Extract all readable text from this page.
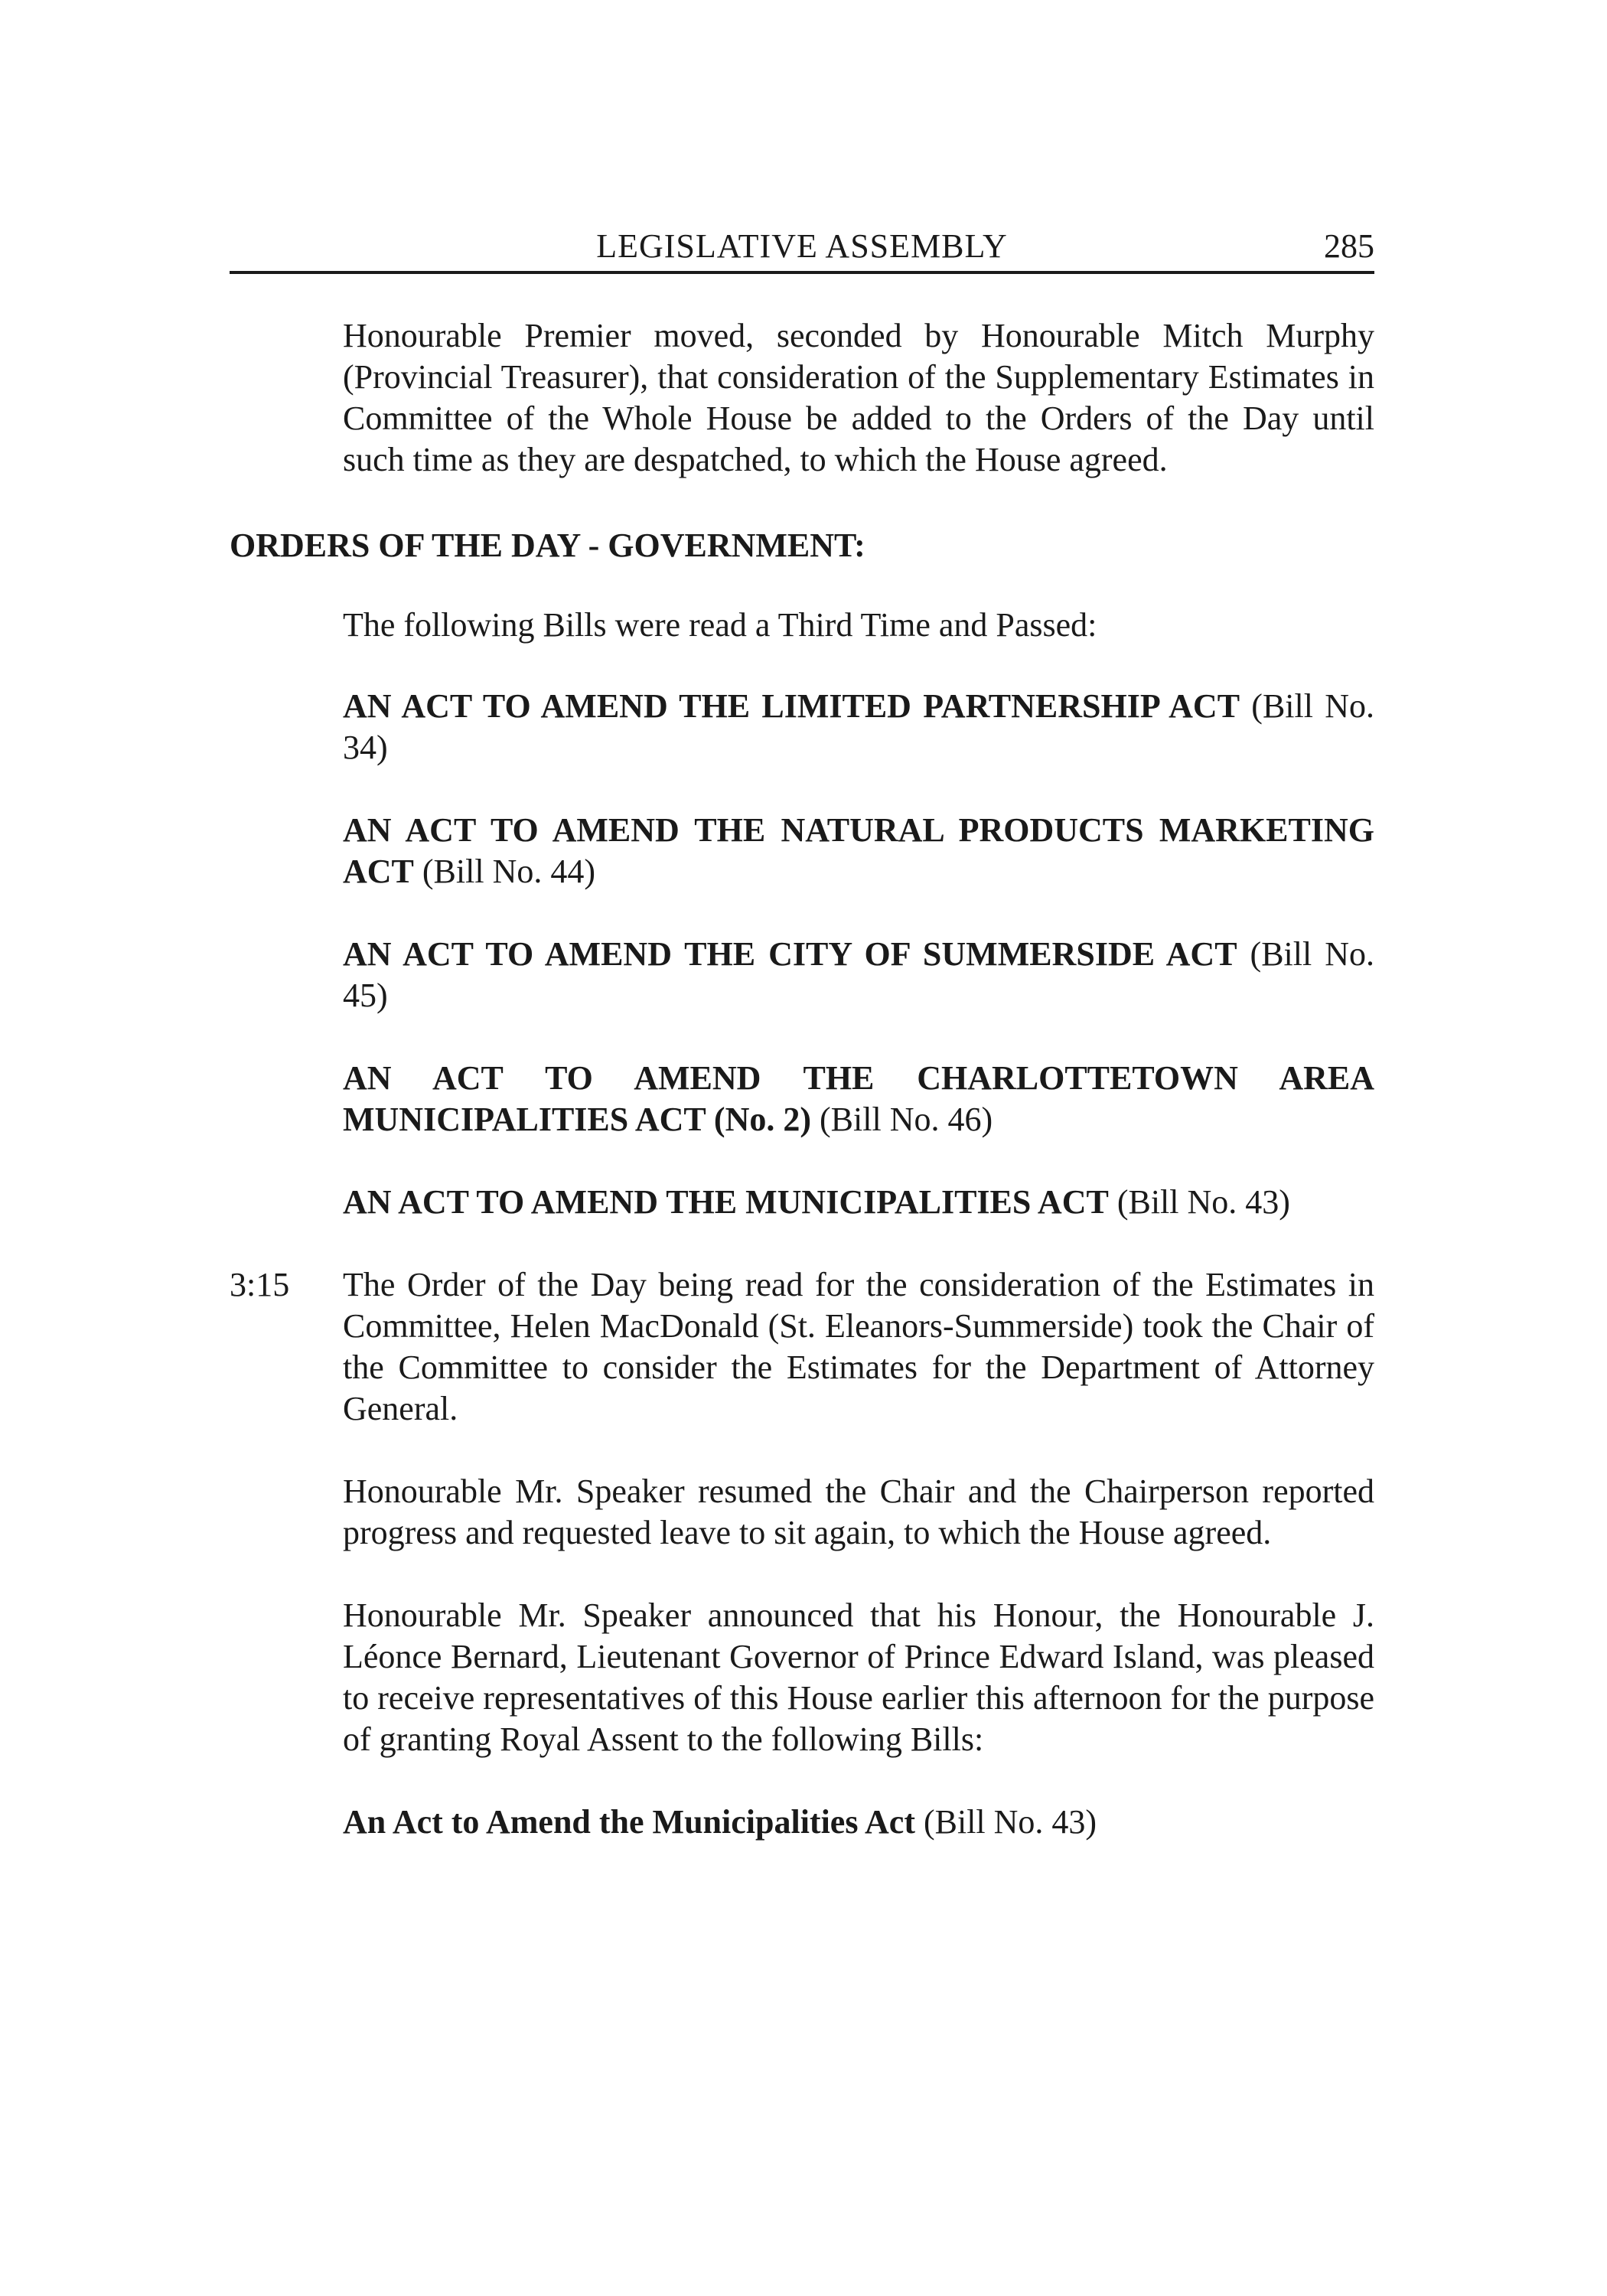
LEGISLATIVE ASSEMBLY	285

Honourable Premier moved, seconded by Honourable Mitch Murphy (Provincial Treasurer), that consideration of the Supplementary Estimates in Committee of the Whole House be added to the Orders of the Day until such time as they are despatched, to which the House agreed.

ORDERS OF THE DAY - GOVERNMENT:

The following Bills were read a Third Time and Passed:

AN ACT TO AMEND THE LIMITED PARTNERSHIP ACT (Bill No. 34)

AN ACT TO AMEND THE NATURAL PRODUCTS MARKETING ACT (Bill No. 44)

AN ACT TO AMEND THE CITY OF SUMMERSIDE ACT (Bill No. 45)

AN ACT TO AMEND THE CHARLOTTETOWN AREA
MUNICIPALITIES ACT (No. 2) (Bill No. 46)

AN ACT TO AMEND THE MUNICIPALITIES ACT (Bill No. 43)

3:15 The Order of the Day being read for the consideration of the Estimates in Committee, Helen MacDonald (St. Eleanors-Summerside) took the Chair of the Committee to consider the Estimates for the Department of Attorney General.

Honourable Mr. Speaker resumed the Chair and the Chairperson reported progress and requested leave to sit again, to which the House agreed.

Honourable Mr. Speaker announced that his Honour, the Honourable J. Léonce Bernard, Lieutenant Governor of Prince Edward Island, was pleased to receive representatives of this House earlier this afternoon for the purpose of granting Royal Assent to the following Bills:

An Act to Amend the Municipalities Act (Bill No. 43)
